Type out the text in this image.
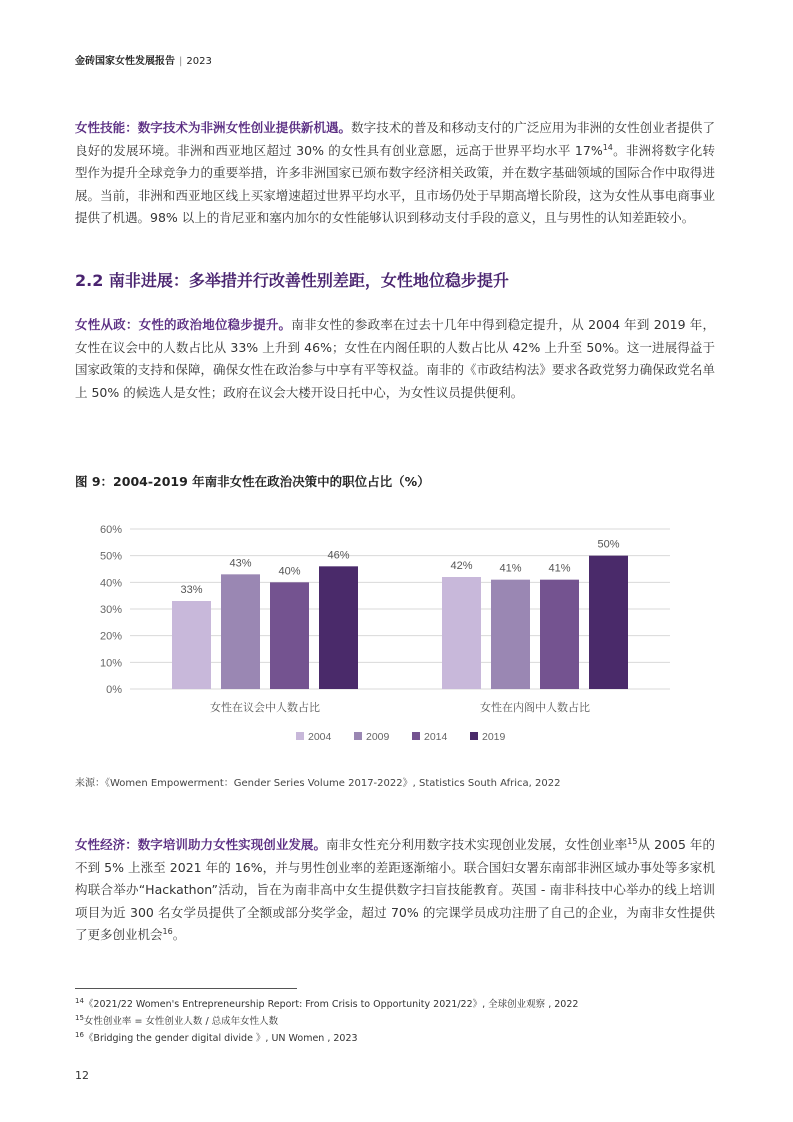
金砖国家女性发展报告 | 2023
女性技能：数字技术为非洲女性创业提供新机遇。数字技术的普及和移动支付的广泛应用为非洲的女性创业者提供了良好的发展环境。非洲和西亚地区超过 30% 的女性具有创业意愿，远高于世界平均水平 17%$^{14}$。非洲将数字化转型作为提升全球竞争力的重要举措，许多非洲国家已颁布数字经济相关政策，并在数字基础领域的国际合作中取得进展。当前，非洲和西亚地区线上买家增速超过世界平均水平，且市场仍处于早期高增长阶段，这为女性从事电商事业提供了机遇。98% 以上的肯尼亚和塞内加尔的女性能够认识到移动支付手段的意义，且与男性的认知差距较小。
2.2 南非进展：多举措并行改善性别差距，女性地位稳步提升
女性从政：女性的政治地位稳步提升。南非女性的参政率在过去十几年中得到稳定提升，从 2004 年到 2019 年，女性在议会中的人数占比从 33% 上升到 46%；女性在内阁任职的人数占比从 42% 上升至 50%。这一进展得益于国家政策的支持和保障，确保女性在政治参与中享有平等权益。南非的《市政结构法》要求各政党努力确保政党名单上 50% 的候选人是女性；政府在议会大楼开设日托中心，为女性议员提供便利。
图 9：2004-2019 年南非女性在政治决策中的职位占比（%）
0%
10%
20%
30%
40%
50%
60%
33%
43%
40%
46%
女性在议会中人数占比
42% 41% 41%
50%
女性在内阁中人数占比
2004	2009	2014	2019
来源：《Women Empowerment：Gender Series Volume 2017-2022》, Statistics South Africa, 2022
女性经济：数字培训助力女性实现创业发展。南非女性充分利用数字技术实现创业发展，女性创业率$^{15}$从 2005 年的不到 5% 上涨至 2021 年的 16%，并与男性创业率的差距逐渐缩小。联合国妇女署东南部非洲区域办事处等多家机构联合举办“Hackathon”活动，旨在为南非高中女生提供数字扫盲技能教育。英国 - 南非科技中心举办的线上培训项目为近 300 名女学员提供了全额或部分奖学金，超过 70% 的完课学员成功注册了自己的企业，为南非女性提供了更多创业机会$^{16}$。
$^{14}$《2021/22 Women's Entrepreneurship Report: From Crisis to Opportunity 2021/22》, 全球创业观察 , 2022
$^{15}$女性创业率 = 女性创业人数 / 总成年女性人数
$^{16}$《Bridging the gender digital divide 》, UN Women , 2023
12
